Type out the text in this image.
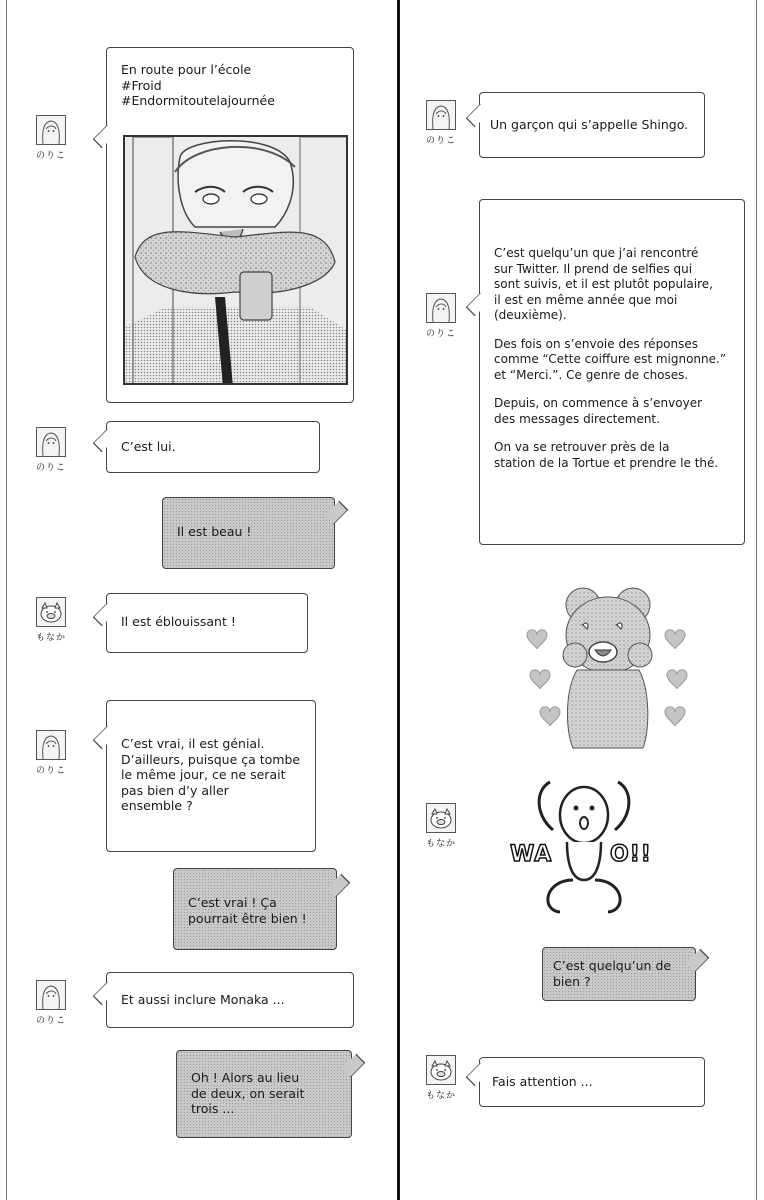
のりこ
En route pour l’école
#Froid
#Endormitoutelajournée
のりこ
C’est lui.
Il est beau !
もなか
Il est éblouissant !
のりこ
C’est vrai, il est génial.
D’ailleurs, puisque ça tombe
le même jour, ce ne serait
pas bien d’y aller
ensemble ?
C’est vrai ! Ça
pourrait être bien !
のりこ
Et aussi inclure Monaka ...
Oh ! Alors au lieu
de deux, on serait
trois ...
のりこ
Un garçon qui s’appelle Shingo.
のりこ
C’est quelqu’un que j’ai rencontré
sur Twitter. Il prend de selfies qui
sont suivis, et il est plutôt populaire,
il est en même année que moi
(deuxième).
Des fois on s’envoie des réponses
comme “Cette coiffure est mignonne.”
et “Merci.”. Ce genre de choses.
Depuis, on commence à s’envoyer
des messages directement.
On va se retrouver près de la
station de la Tortue et prendre le thé.
もなか WA	O!!
C’est quelqu’un de
bien ?
もなか
Fais attention ...
